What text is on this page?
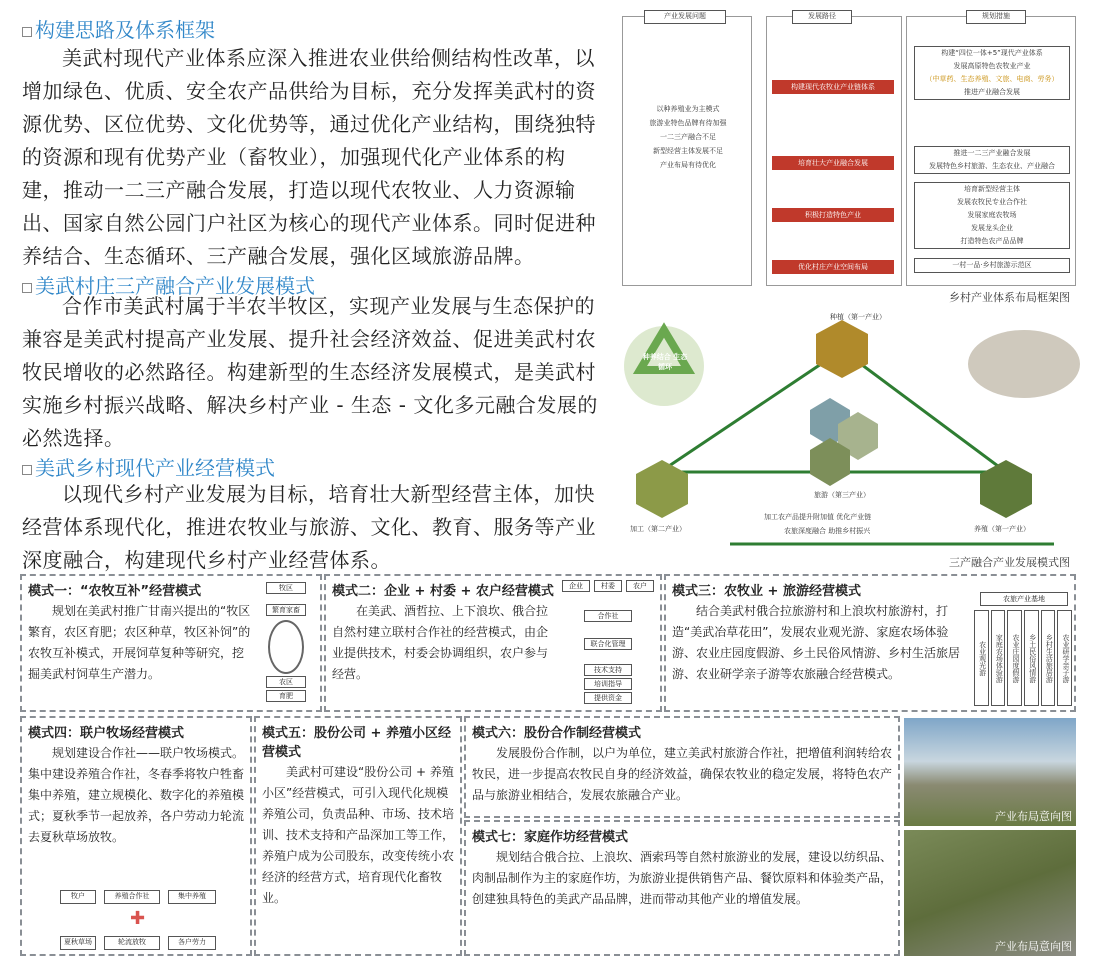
构建思路及体系框架
美武村现代产业体系应深入推进农业供给侧结构性改革，以增加绿色、优质、安全农产品供给为目标，充分发挥美武村的资源优势、区位优势、文化优势等，通过优化产业结构，围绕独特的资源和现有优势产业（畜牧业），加强现代化产业体系的构建，推动一二三产融合发展，打造以现代农牧业、人力资源输出、国家自然公园门户社区为核心的现代产业体系。同时促进种养结合、生态循环、三产融合发展，强化区域旅游品牌。
美武村庄三产融合产业发展模式
合作市美武村属于半农半牧区，实现产业发展与生态保护的兼容是美武村提高产业发展、提升社会经济效益、促进美武村农牧民增收的必然路径。构建新型的生态经济发展模式，是美武村实施乡村振兴战略、解决乡村产业 - 生态 - 文化多元融合发展的必然选择。
美武乡村现代产业经营模式
以现代乡村产业发展为目标，培育壮大新型经营主体，加快经营体系现代化，推进农牧业与旅游、文化、教育、服务等产业深度融合，构建现代乡村产业经营体系。
产业发展问题	发展路径	规划措施
以种养殖业为主模式
旅游业特色品牌有待加强
一二三产融合不足
新型经营主体发展不足
产业布局有待优化
构建现代农牧业产业链体系
培育壮大产业融合发展
积极打造特色产业
优化村庄产业空间布局
构建“四位一体+5”现代产业体系
发展高原特色农牧业产业
（中草药、生态养殖、文旅、电商、劳务）
推进产业融合发展
推进一二三产业融合发展
发展特色乡村旅游、生态农业、产业融合
培育新型经营主体
发展农牧民专业合作社
发展家庭农牧场
发展龙头企业
打造特色农产品品牌
一村一品·乡村旅游示范区
乡村产业体系布局框架图
种养结合 生态循环
种植（第一产业）
加工（第二产业）	养殖（第一产业）
旅游（第三产业）
加工农产品提升附加值 优化产业链
农旅深度融合 助推乡村振兴
三产融合产业发展模式图
模式一：“农牧互补”经营模式
规划在美武村推广甘南兴提出的“牧区繁育，农区育肥；农区种草，牧区补饲”的农牧互补模式，开展饲草复种等研究，挖掘美武村饲草生产潜力。
牧区
繁育家畜
农区
育肥
模式二：企业 + 村委 + 农户经营模式
在美武、酒哲拉、上下浪坎、俄合拉自然村建立联村合作社的经营模式，由企业提供技术，村委会协调组织，农户参与经营。
企业	村委	农户
合作社
联合化管理
技术支持
培训指导
提供资金
模式三：农牧业 + 旅游经营模式
结合美武村俄合拉旅游村和上浪坎村旅游村，打造“美武冶草花田”，发展农业观光游、家庭农场体验游、农业庄园度假游、乡土民俗风情游、乡村生活旅居游、农业研学亲子游等农旅融合经营模式。
农旅产业基地
农业观光游	家庭农场体验游	农业庄园度假游	乡土民俗风情游	乡村生活旅居游	农业研学亲子游
模式四：联户牧场经营模式
规划建设合作社——联户牧场模式。集中建设养殖合作社，冬春季将牧户牲畜集中养殖，建立规模化、数字化的养殖模式；夏秋季节一起放养，各户劳动力轮流去夏秋草场放牧。
牧户	养殖合作社	集中养殖
✚
夏秋草场	轮流放牧	各户劳力
模式五：股份公司 + 养殖小区经营模式
美武村可建设“股份公司 + 养殖小区”经营模式，可引入现代化规模养殖公司，负责品种、市场、技术培训、技术支持和产品深加工等工作，养殖户成为公司股东，改变传统小农经济的经营方式，培育现代化畜牧业。
模式六：股份合作制经营模式
发展股份合作制，以户为单位，建立美武村旅游合作社，把增值利润转给农牧民，进一步提高农牧民自身的经济效益，确保农牧业的稳定发展，将特色农产品与旅游业相结合，发展农旅融合产业。
模式七：家庭作坊经营模式
规划结合俄合拉、上浪坎、酒索玛等自然村旅游业的发展，建设以纺织品、肉制品制作为主的家庭作坊，为旅游业提供销售产品、餐饮原料和体验类产品，创建独具特色的美武产品品牌，进而带动其他产业的增值发展。
产业布局意向图
产业布局意向图
